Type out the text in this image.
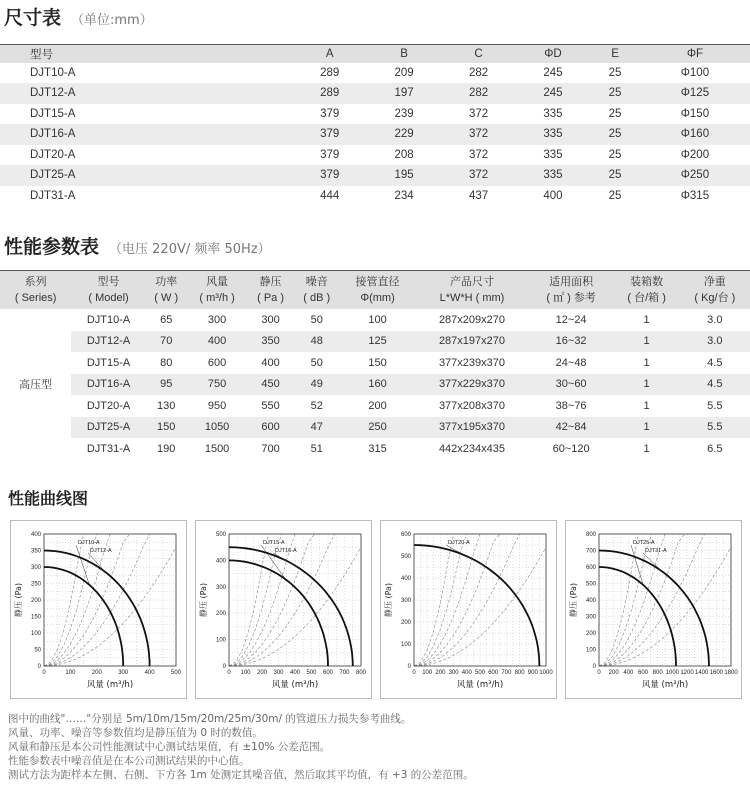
尺寸表 （单位:mm）
型号	A	B	C	ΦD	E	ΦF
DJT10-A	289	209	282	245	25	Φ100
DJT12-A	289	197	282	245	25	Φ125
DJT15-A	379	239	372	335	25	Φ150
DJT16-A	379	229	372	335	25	Φ160
DJT20-A	379	208	372	335	25	Φ200
DJT25-A	379	195	372	335	25	Φ250
DJT31-A	444	234	437	400	25	Φ315
性能参数表 （电压 220V/ 频率 50Hz）
系列	型号	功率	风量	静压	噪音	接管直径	产品尺寸	适用面积	装箱数	净重
( Series)	( Model)	( W )	( m³/h )	( Pa )	( dB )	Φ(mm)	L*W*H ( mm)	( ㎡ ) 参考	( 台/箱 )	( Kg/台 )
高压型	DJT10-A	65	300	300	50	100	287x209x270	12~24	1	3.0
	DJT12-A	70	400	350	48	125	287x197x270	16~32	1	3.0
	DJT15-A	80	600	400	50	150	377x239x370	24~48	1	4.5
	DJT16-A	95	750	450	49	160	377x229x370	30~60	1	4.5
	DJT20-A	130	950	550	52	200	377x208x370	38~76	1	5.5
	DJT25-A	150	1050	600	47	250	377x195x370	42~84	1	5.5
	DJT31-A	190	1500	700	51	315	442x234x435	60~120	1	6.5
性能曲线图
DJT10-A
DJT12-A
0	100	200	300	400	500
0
50
100
150
200
250
300
350
400
风量 (m³/h)
静压 (Pa)
DJT15-A
DJT16-A
0 100 200 300 400 500 600 700 800
0
100
200
300
400
500
风量 (m³/h)
静压 (Pa)
DJT20-A
0 100 200 300 400 500 600 700 800 900 1000
0
100
200
300
400
500
600
风量 (m³/h)
静压 (Pa)
DJT25-A
DJT31-A
0 200 400 600 800 1000 1200 1400 1600 1800
0
100
200
300
400
500
600
700
800
风量 (m³/h)
静压 (Pa)
图中的曲线"……"分别是 5m/10m/15m/20m/25m/30m/ 的管道压力损失参考曲线。
风量、功率、噪音等参数值均是静压值为 0 时的数值。
风量和静压是本公司性能测试中心测试结果值，有 ±10% 公差范围。
性能参数表中噪音值是在本公司测试结果的中心值。
测试方法为距样本左侧、右侧、下方各 1m 处测定其噪音值，然后取其平均值，有 +3 的公差范围。
